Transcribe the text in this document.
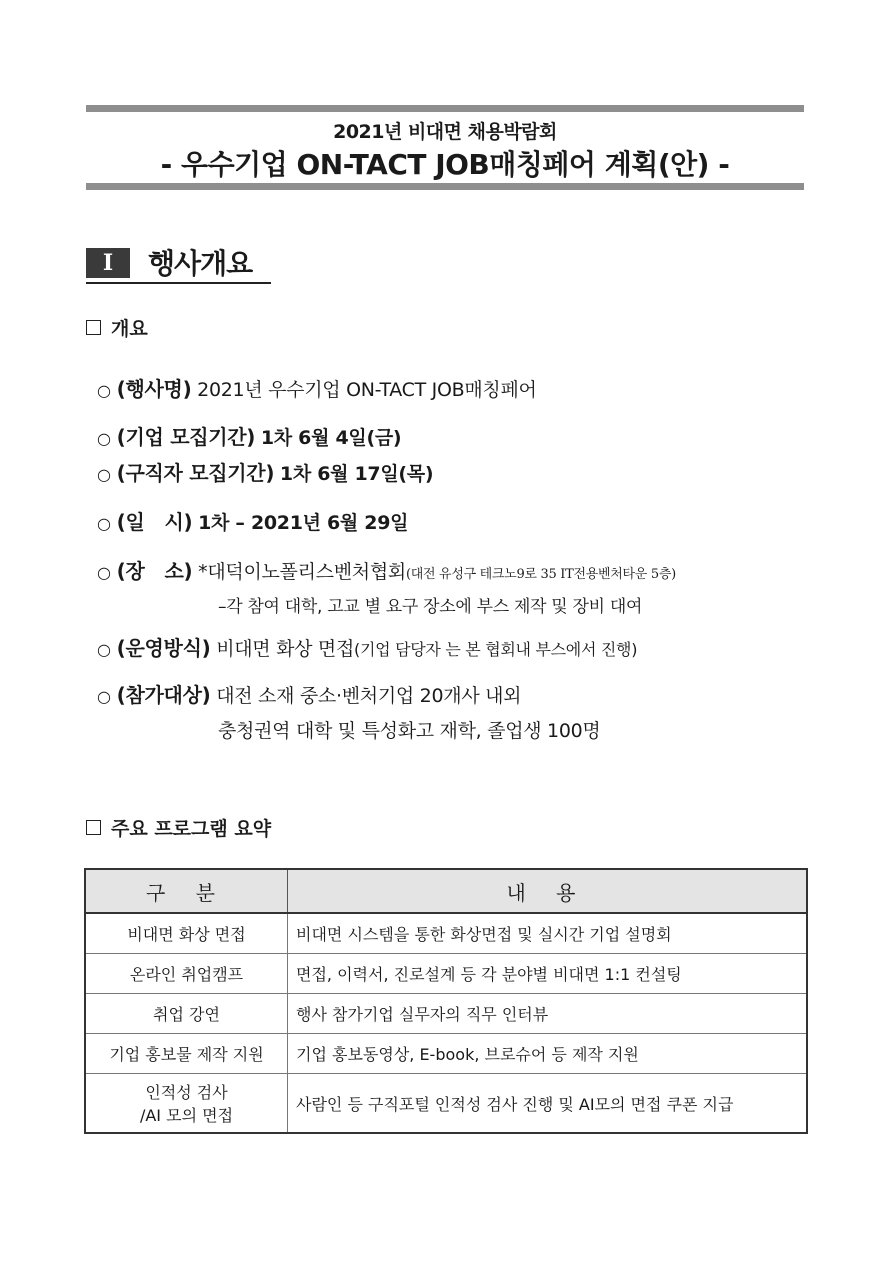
2021년 비대면 채용박람회
- 우수기업 ON-TACT JOB매칭페어 계획(안) -
I	행사개요
개요
○ (행사명) 2021년 우수기업 ON-TACT JOB매칭페어
○ (기업 모집기간) 1차 6월 4일(금)
○ (구직자 모집기간) 1차 6월 17일(목)
○ (일   시) 1차 – 2021년 6월 29일
○ (장   소) *대덕이노폴리스벤처협회(대전 유성구 테크노9로 35 IT전용벤처타운 5층)
–각 참여 대학, 고교 별 요구 장소에 부스 제작 및 장비 대여
○ (운영방식) 비대면 화상 면접(기업 담당자 는 본 협회내 부스에서 진행)
○ (참가대상) 대전 소재 중소·벤처기업 20개사 내외
충청권역 대학 및 특성화고 재학, 졸업생 100명
주요 프로그램 요약
구 분	내 용
비대면 화상 면접	비대면 시스템을 통한 화상면접 및 실시간 기업 설명회
온라인 취업캠프	면접, 이력서, 진로설계 등 각 분야별 비대면 1:1 컨설팅
취업 강연	행사 참가기업 실무자의 직무 인터뷰
기업 홍보물 제작 지원	기업 홍보동영상, E-book, 브로슈어 등 제작 지원

인적성 검사
/AI 모의 면접	사람인 등 구직포털 인적성 검사 진행 및 AI모의 면접 쿠폰 지급
